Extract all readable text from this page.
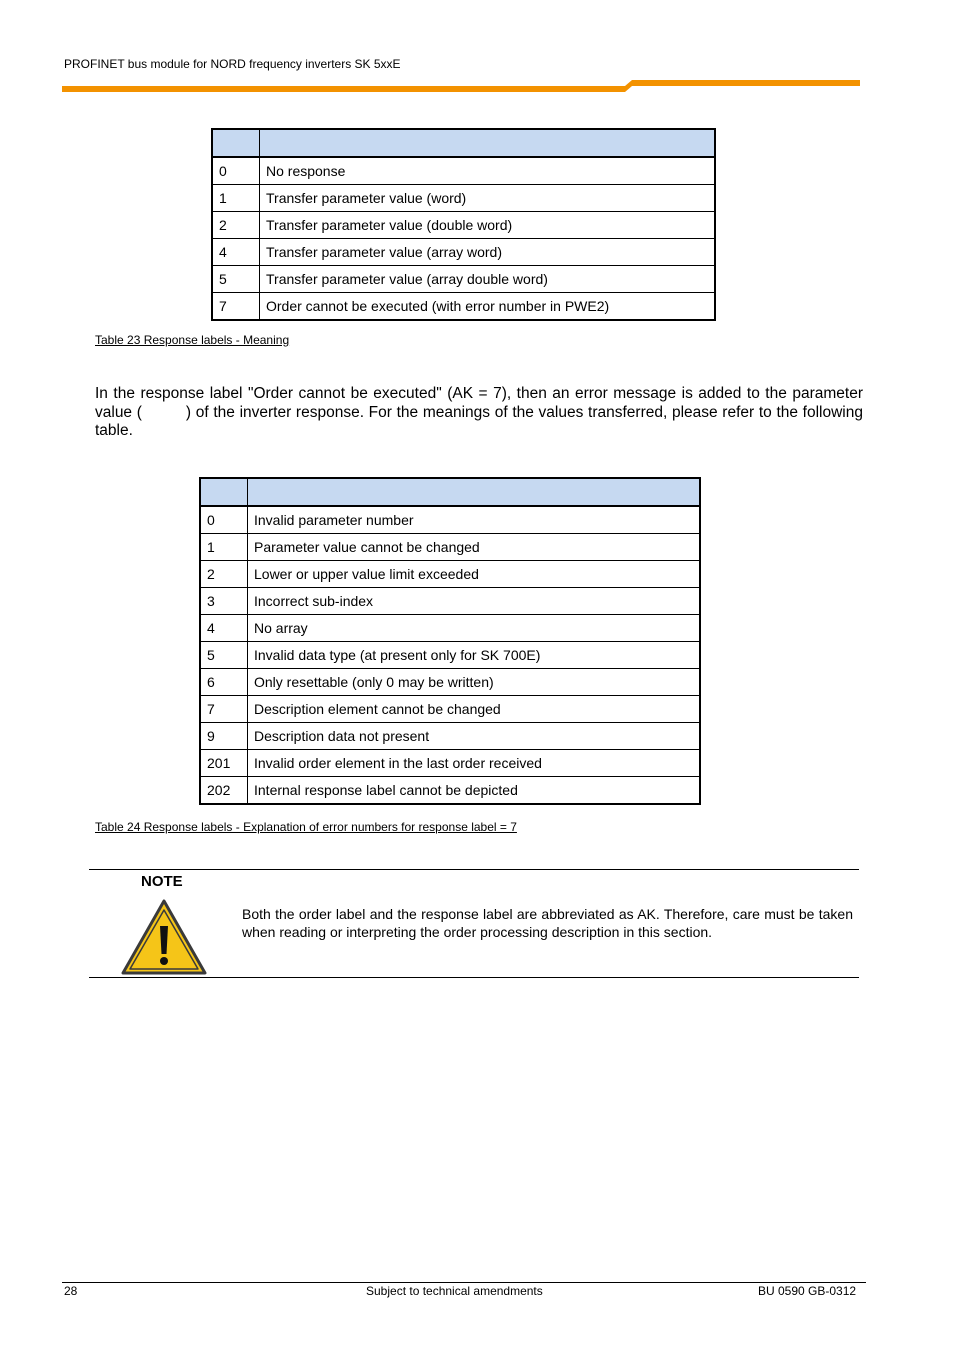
PROFINET bus module for NORD frequency inverters SK 5xxE

0	No response
1	Transfer parameter value (word)
2	Transfer parameter value (double word)
4	Transfer parameter value (array word)
5	Transfer parameter value (array double word)
7	Order cannot be executed (with error number in PWE2)
Table 23 Response labels - Meaning
In the response label "Order cannot be executed" (AK = 7), then an error message is added to the parameter value (	) of the inverter response. For the meanings of the values transferred, please refer to the following table.

0	Invalid parameter number
1	Parameter value cannot be changed
2	Lower or upper value limit exceeded
3	Incorrect sub-index
4	No array
5	Invalid data type (at present only for SK 700E)
6	Only resettable (only 0 may be written)
7	Description element cannot be changed
9	Description data not present
201	Invalid order element in the last order received
202	Internal response label cannot be depicted
Table 24 Response labels - Explanation of error numbers for response label = 7
NOTE
Both the order label and the response label are abbreviated as AK. Therefore, care must be taken when reading or interpreting the order processing description in this section.
28	Subject to technical amendments	BU 0590 GB-0312
